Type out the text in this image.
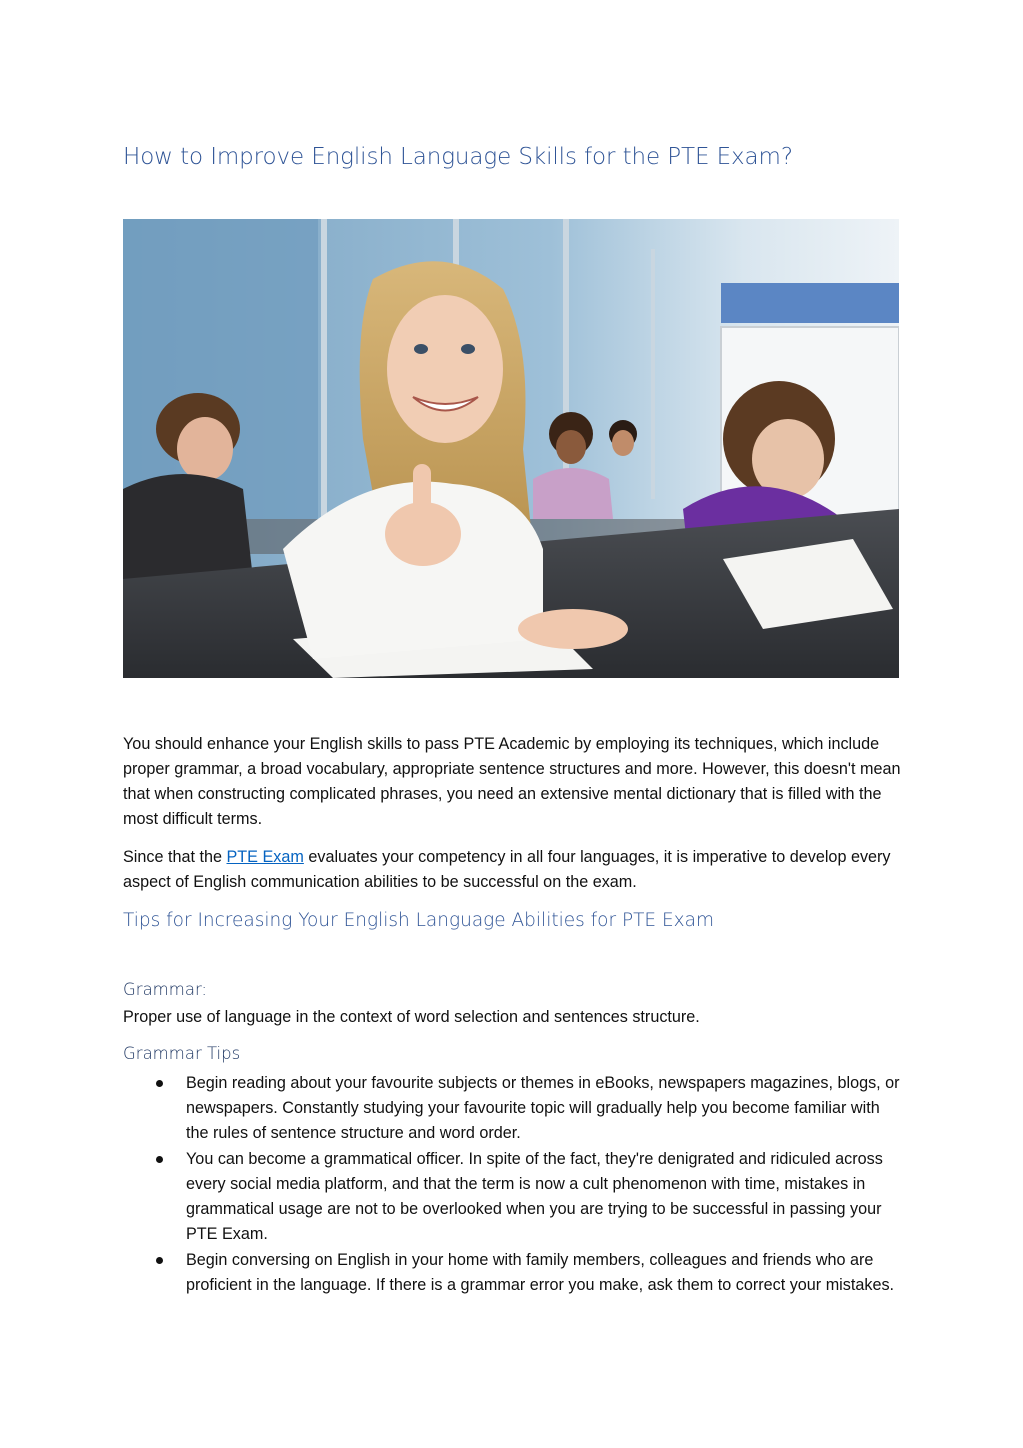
How to Improve English Language Skills for the PTE Exam?

You should enhance your English skills to pass PTE Academic by employing its techniques, which include proper grammar, a broad vocabulary, appropriate sentence structures and more. However, this doesn't mean that when constructing complicated phrases, you need an extensive mental dictionary that is filled with the most difficult terms.

Since that the PTE Exam evaluates your competency in all four languages, it is imperative to develop every aspect of English communication abilities to be successful on the exam.

Tips for Increasing Your English Language Abilities for PTE Exam
Grammar:

Proper use of language in the context of word selection and sentences structure.

Grammar Tips
Begin reading about your favourite subjects or themes in eBooks, newspapers magazines, blogs, or newspapers. Constantly studying your favourite topic will gradually help you become familiar with the rules of sentence structure and word order.
You can become a grammatical officer. In spite of the fact, they're denigrated and ridiculed across every social media platform, and that the term is now a cult phenomenon with time, mistakes in grammatical usage are not to be overlooked when you are trying to be successful in passing your PTE Exam.
Begin conversing on English in your home with family members, colleagues and friends who are proficient in the language. If there is a grammar error you make, ask them to correct your mistakes.
